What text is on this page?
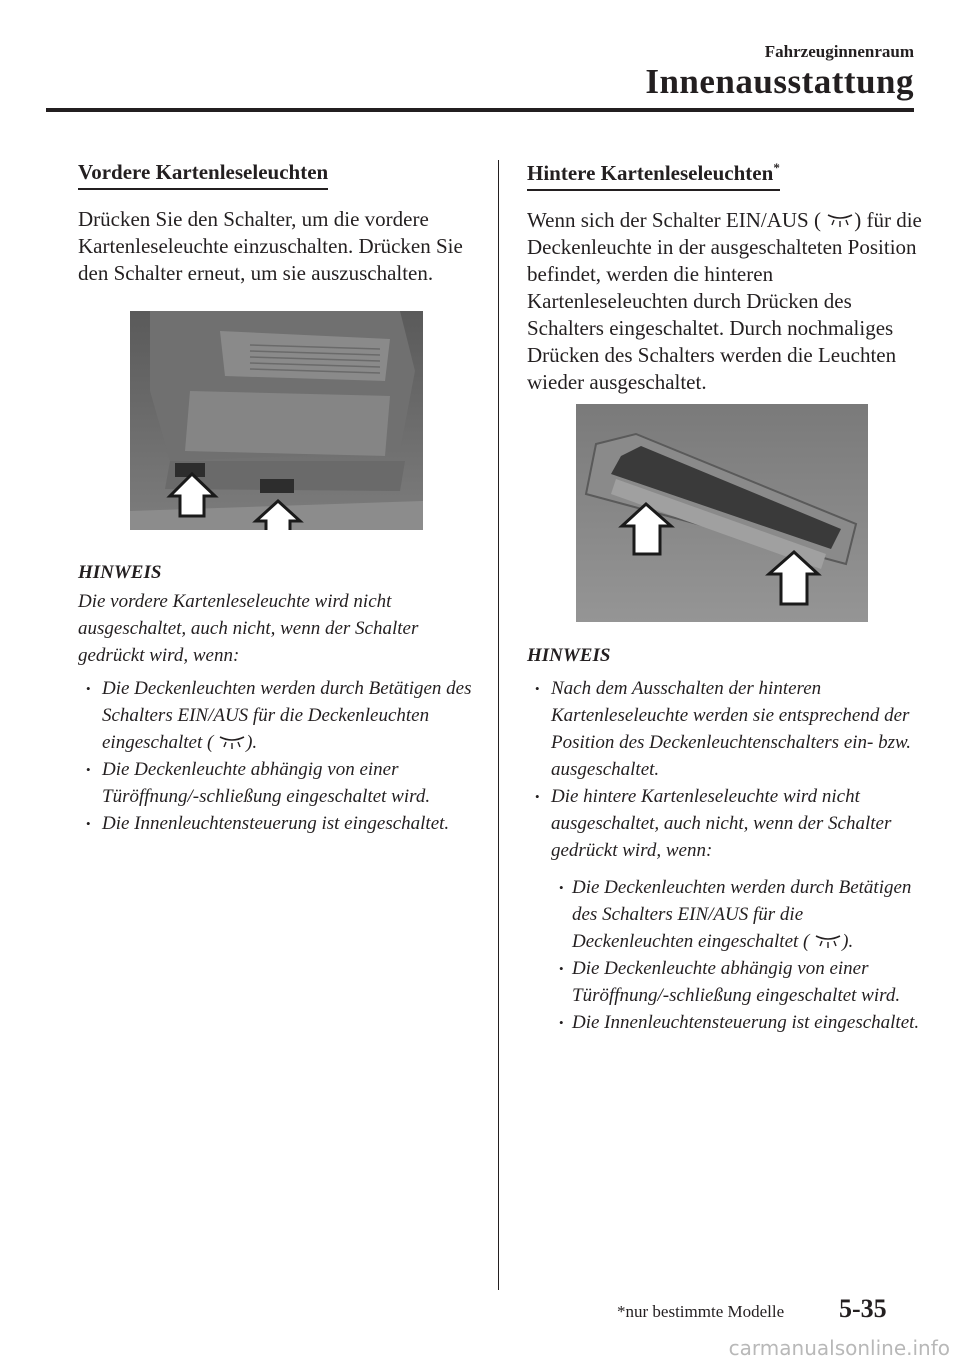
Fahrzeuginnenraum
Innenausstattung
Vordere Kartenleseleuchten

Drücken Sie den Schalter, um die vordere Kartenleseleuchte einzuschalten. Drücken Sie den Schalter erneut, um sie auszuschalten.

HINWEIS

Die vordere Kartenleseleuchte wird nicht ausgeschaltet, auch nicht, wenn der Schalter gedrückt wird, wenn:

• Die Deckenleuchten werden durch Betätigen des Schalters EIN/AUS für die Deckenleuchten eingeschaltet ( ).
• Die Deckenleuchte abhängig von einer Türöffnung/-schließung eingeschaltet wird.
• Die Innenleuchtensteuerung ist eingeschaltet.
Hintere Kartenleseleuchten*

Wenn sich der Schalter EIN/AUS ( ) für die Deckenleuchte in der ausgeschalteten Position befindet, werden die hinteren Kartenleseleuchten durch Drücken des Schalters eingeschaltet. Durch nochmaliges Drücken des Schalters werden die Leuchten wieder ausgeschaltet.

HINWEIS
• Nach dem Ausschalten der hinteren Kartenleseleuchte werden sie entsprechend der Position des Deckenleuchtenschalters ein- bzw. ausgeschaltet.
• Die hintere Kartenleseleuchte wird nicht ausgeschaltet, auch nicht, wenn der Schalter gedrückt wird, wenn:
• Die Deckenleuchten werden durch Betätigen des Schalters EIN/AUS für die Deckenleuchten eingeschaltet ( ).
• Die Deckenleuchte abhängig von einer Türöffnung/-schließung eingeschaltet wird.
• Die Innenleuchtensteuerung ist eingeschaltet.
*nur bestimmte Modelle 5-35
carmanualsonline.info
